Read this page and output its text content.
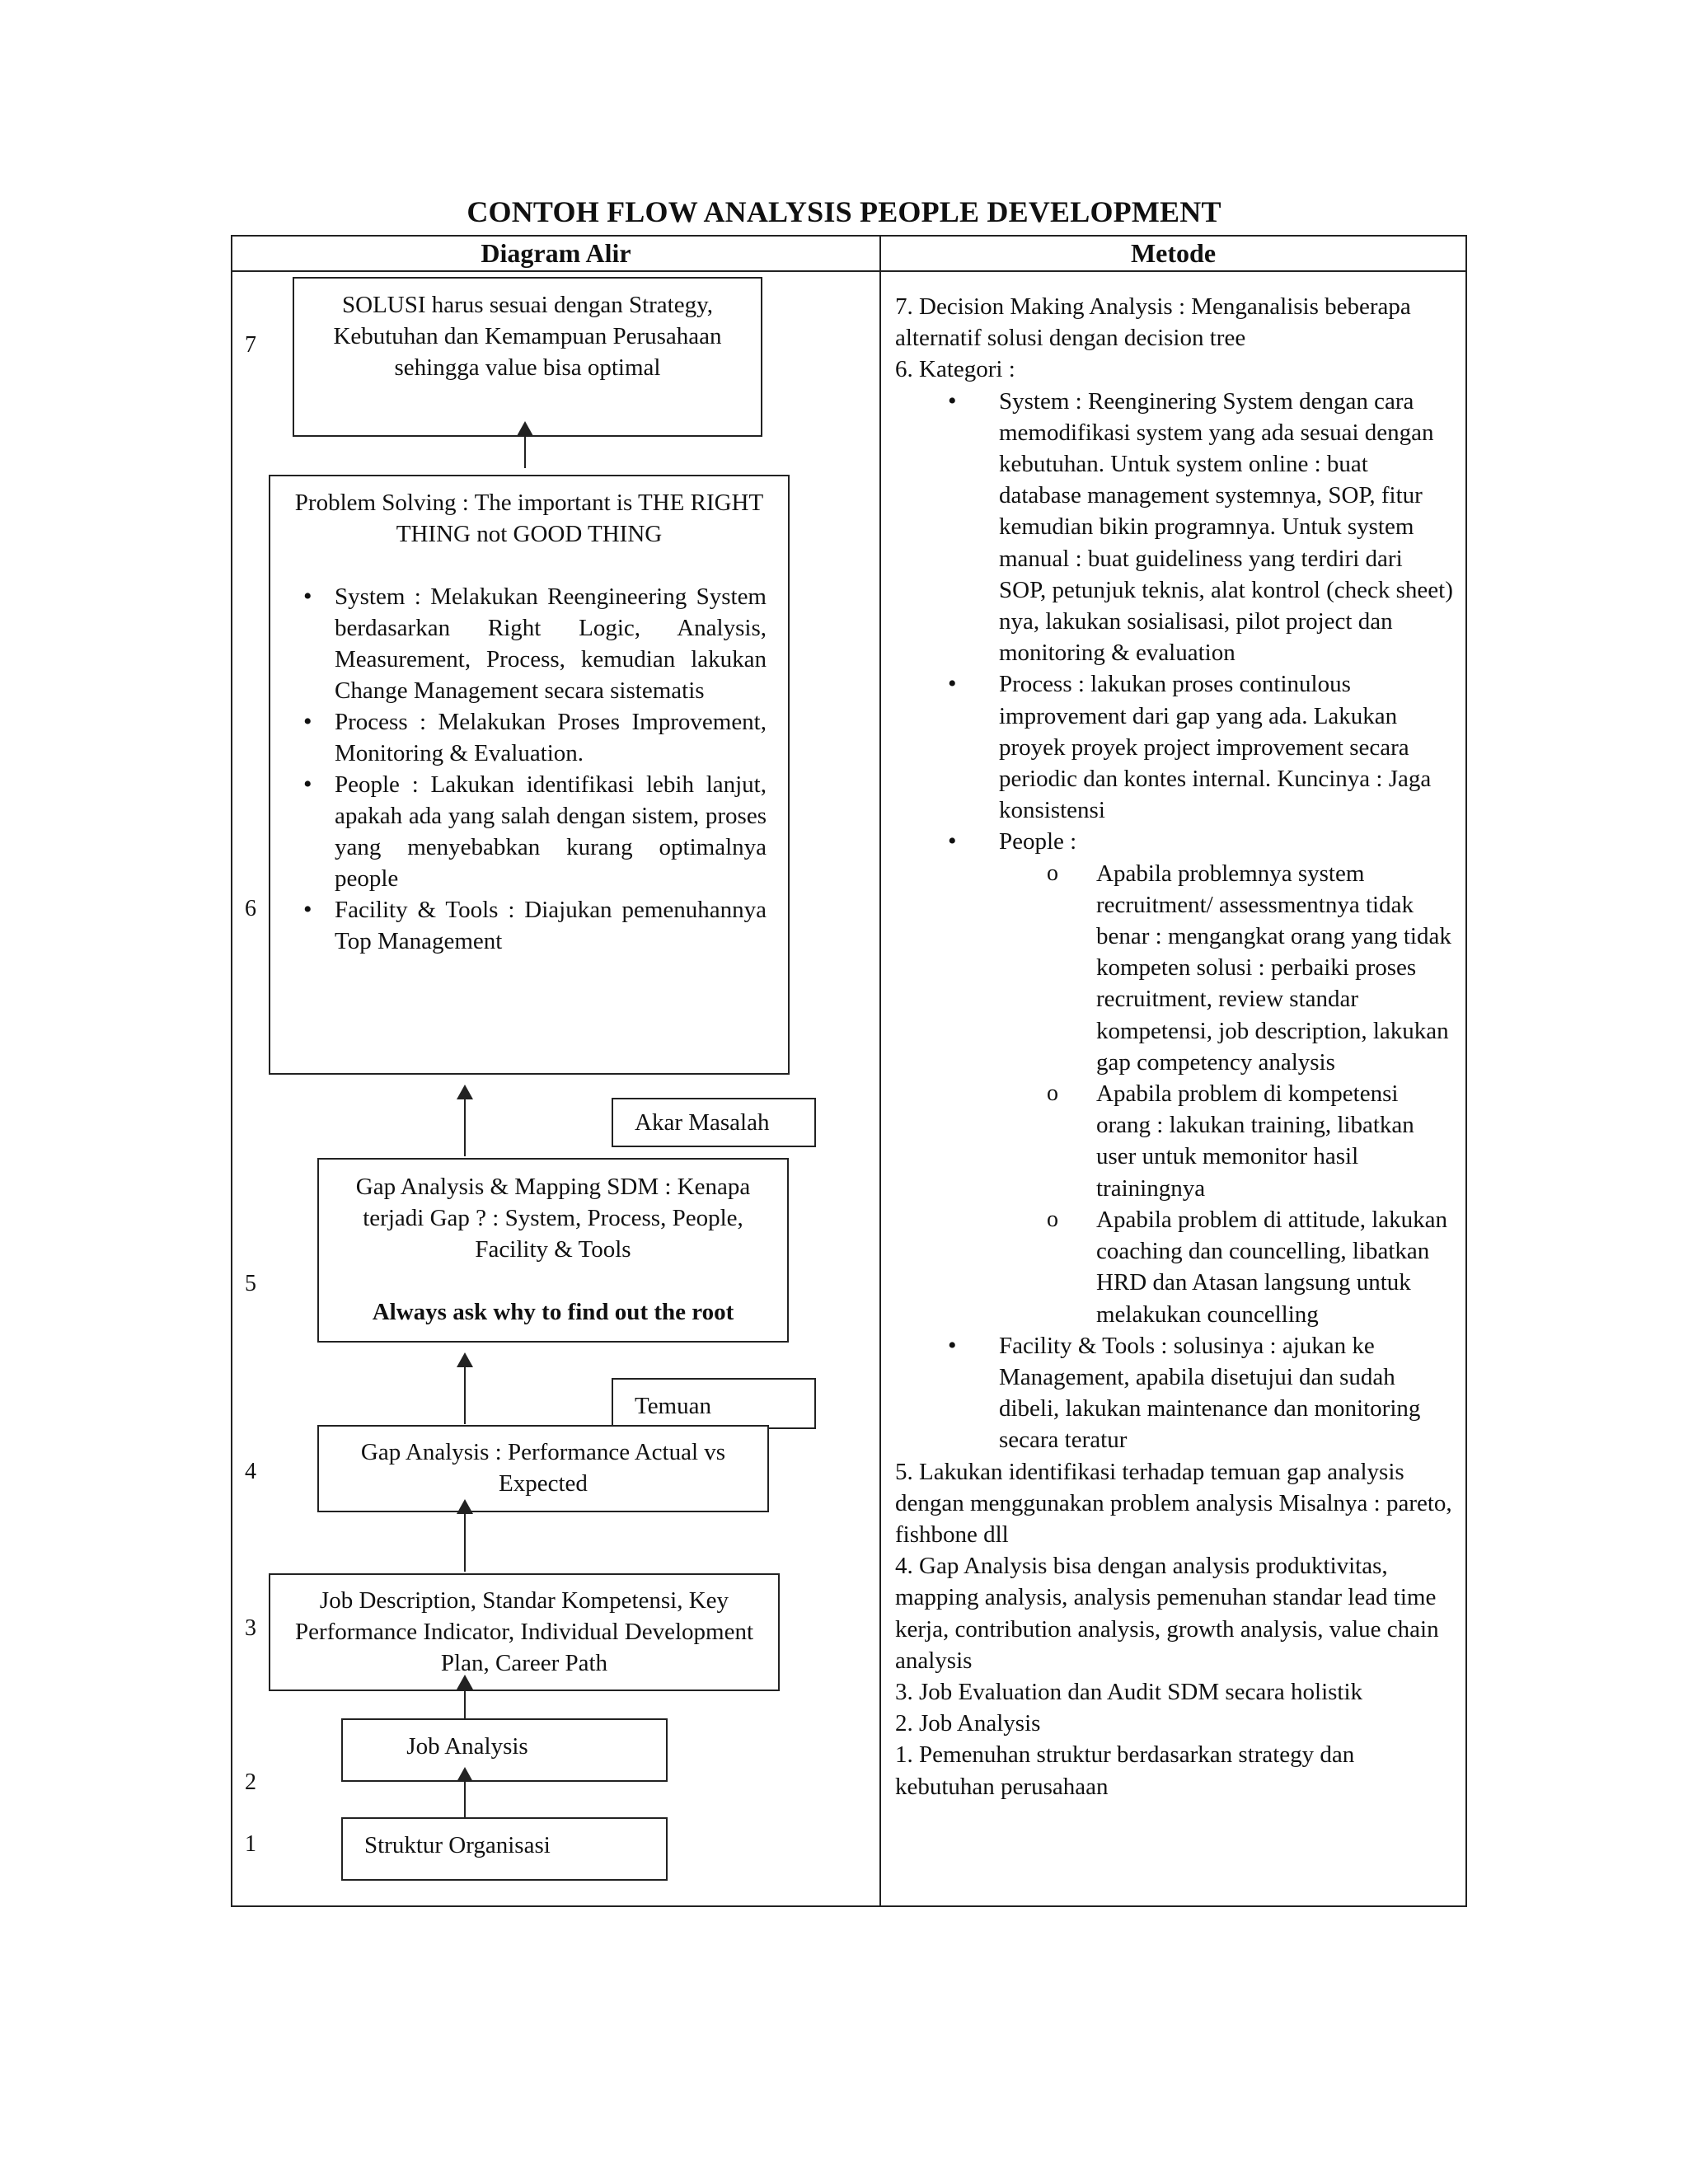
CONTOH FLOW ANALYSIS PEOPLE DEVELOPMENT
Diagram Alir	Metode
7
6
5
4
3
2
1
SOLUSI harus sesuai dengan Strategy, Kebutuhan dan Kemampuan Perusahaan sehingga value bisa optimal
Problem Solving : The important is THE RIGHT THING not GOOD THING
• System : Melakukan Reengineering System berdasarkan Right Logic, Analysis, Measurement, Process, kemudian lakukan Change Management secara sistematis
• Process : Melakukan Proses Improvement, Monitoring & Evaluation.
• People : Lakukan identifikasi lebih lanjut, apakah ada yang salah dengan sistem, proses yang menyebabkan kurang optimalnya people
• Facility & Tools : Diajukan pemenuhannya Top Management
Akar Masalah
Gap Analysis & Mapping SDM : Kenapa terjadi Gap ? : System, Process, People, Facility & Tools
Always ask why to find out the root
Temuan
Gap Analysis : Performance Actual vs Expected
Job Description, Standar Kompetensi, Key Performance Indicator, Individual Development Plan, Career Path
Job Analysis
Struktur Organisasi

7. Decision Making Analysis : Menganalisis beberapa alternatif solusi dengan decision tree

6. Kategori :

• System : Reenginering System dengan cara memodifikasi system yang ada sesuai dengan kebutuhan. Untuk system online : buat database management systemnya, SOP, fitur kemudian bikin programnya. Untuk system manual : buat guideliness yang terdiri dari SOP, petunjuk teknis, alat kontrol (check sheet) nya, lakukan sosialisasi, pilot project dan monitoring & evaluation
• Process : lakukan proses continulous improvement dari gap yang ada. Lakukan proyek proyek project improvement secara periodic dan kontes internal. Kuncinya : Jaga konsistensi
• People :
o Apabila problemnya system recruitment/ assessmentnya tidak benar : mengangkat orang yang tidak kompeten solusi : perbaiki proses recruitment, review standar kompetensi, job description, lakukan gap competency analysis
o Apabila problem di kompetensi orang : lakukan training, libatkan user untuk memonitor hasil trainingnya
o Apabila problem di attitude, lakukan coaching dan councelling, libatkan HRD dan Atasan langsung untuk melakukan councelling
• Facility & Tools : solusinya : ajukan ke Management, apabila disetujui dan sudah dibeli, lakukan maintenance dan monitoring secara teratur

5. Lakukan identifikasi terhadap temuan gap analysis dengan menggunakan problem analysis Misalnya : pareto, fishbone dll

4. Gap Analysis bisa dengan analysis produktivitas, mapping analysis, analysis pemenuhan standar lead time kerja, contribution analysis, growth analysis, value chain analysis

3. Job Evaluation dan Audit SDM secara holistik

2. Job Analysis

1. Pemenuhan struktur berdasarkan strategy dan kebutuhan perusahaan
